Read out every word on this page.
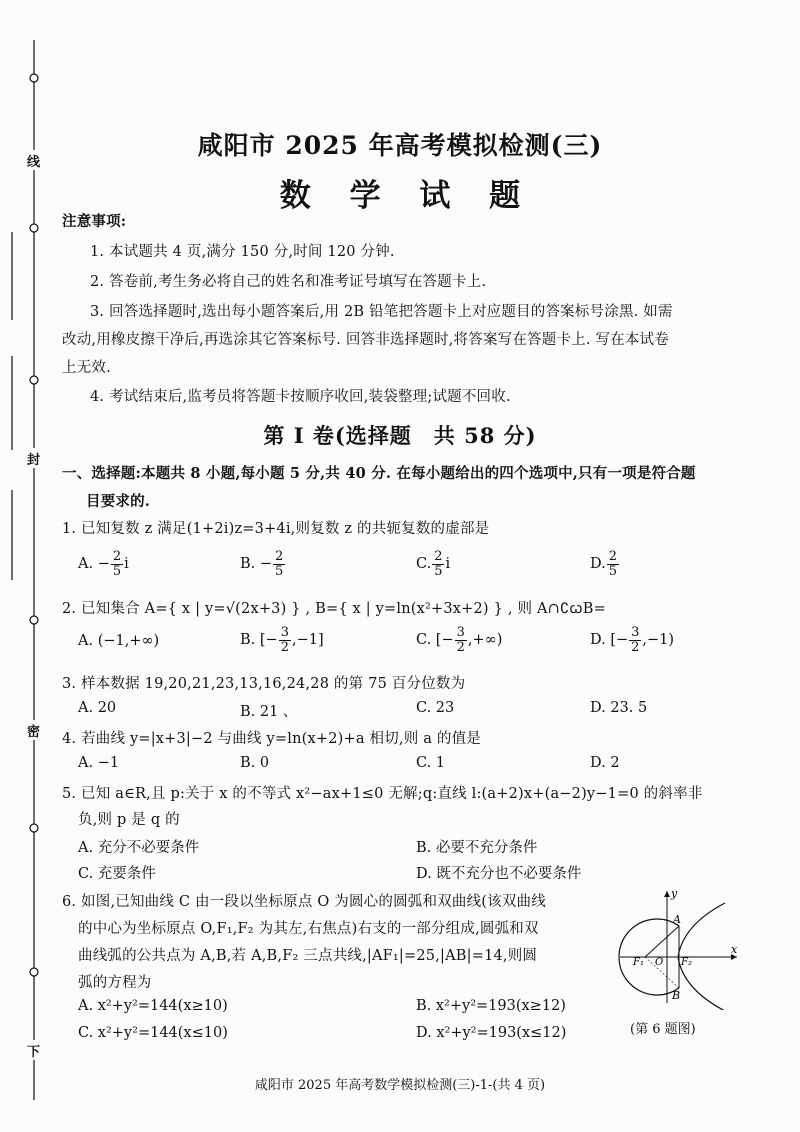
线
封
密
下
咸阳市 2025 年高考模拟检测(三)
数 学 试 题
注意事项:
1. 本试题共 4 页,满分 150 分,时间 120 分钟.
2. 答卷前,考生务必将自己的姓名和准考证号填写在答题卡上.
3. 回答选择题时,选出每小题答案后,用 2B 铅笔把答题卡上对应题目的答案标号涂黑. 如需
改动,用橡皮擦干净后,再选涂其它答案标号. 回答非选择题时,将答案写在答题卡上. 写在本试卷
上无效.
4. 考试结束后,监考员将答题卡按顺序收回,装袋整理;试题不回收.
第 I 卷(选择题　共 58 分)
一、选择题:本题共 8 小题,每小题 5 分,共 40 分. 在每小题给出的四个选项中,只有一项是符合题
目要求的.
1. 已知复数 z 满足(1+2i)z=3+4i,则复数 z 的共轭复数的虚部是
A. − $\frac{2}{5}$ i	B. − $\frac{2}{5}$	C. $\frac{2}{5}$ i	D. $\frac{2}{5}$
2. 已知集合 A={ x | y=√(2x+3) } , B={ x | y=ln(x²+3x+2) } , 则 A∩∁ꞷB=
A. (−1,+∞)	B. [− $\frac{3}{2} ,-1$]	C. [− $\frac{3}{2}$ ,+∞)	D. [− $\frac{3}{2} ,-1$)
3. 样本数据 19,20,21,23,13,16,24,28 的第 75 百分位数为
A. 20	B. 21 、	C. 23	D. 23. 5
4. 若曲线 y=|x+3|−2 与曲线 y=ln(x+2)+a 相切,则 a 的值是
A. −1	B. 0	C. 1	D. 2
5. 已知 a∈R,且 p:关于 x 的不等式 x²−ax+1≤0 无解;q:直线 l:(a+2)x+(a−2)y−1=0 的斜率非
负,则 p 是 q 的
A. 充分不必要条件	B. 必要不充分条件
C. 充要条件	D. 既不充分也不必要条件
6. 如图,已知曲线 C 由一段以坐标原点 O 为圆心的圆弧和双曲线(该双曲线
的中心为坐标原点 O,F₁,F₂ 为其左,右焦点)右支的一部分组成,圆弧和双
曲线弧的公共点为 A,B,若 A,B,F₂ 三点共线,|AF₁|=25,|AB|=14,则圆
弧的方程为
A. x²+y²=144(x≥10)	B. x²+y²=193(x≥12)
C. x²+y²=144(x≤10)	D. x²+y²=193(x≤12)
y
x
A
B
F₁ O F₂
(第 6 题图)
咸阳市 2025 年高考数学模拟检测(三)-1-(共 4 页)
